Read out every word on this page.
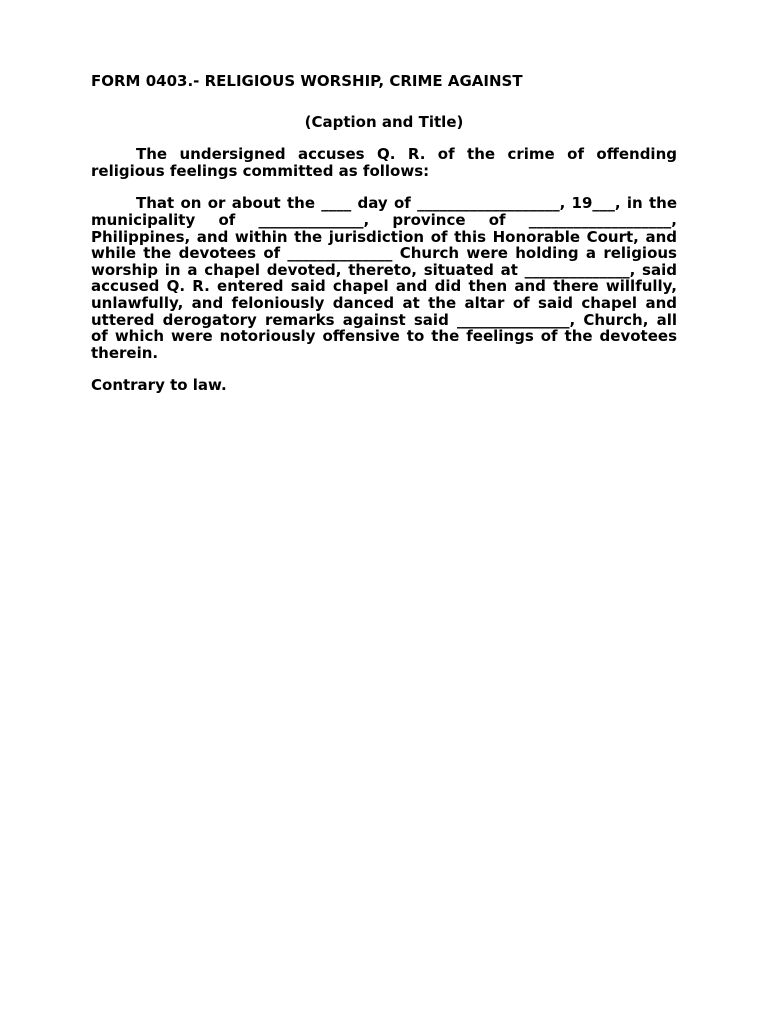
FORM 0403.- RELIGIOUS WORSHIP, CRIME AGAINST

(Caption and Title)

The undersigned accuses Q. R. of the crime of offending religious feelings committed as follows:

That on or about the ____ day of ___________________, 19___, in the municipality of ______________, province of ___________________, Philippines, and within the jurisdiction of this Honorable Court, and while the devotees of ______________ Church were holding a religious worship in a chapel devoted, thereto, situated at ______________, said accused Q. R. entered said chapel and did then and there willfully, unlawfully, and feloniously danced at the altar of said chapel and uttered derogatory remarks against said _______________, Church, all of which were notoriously offensive to the feelings of the devotees therein.

Contrary to law.
